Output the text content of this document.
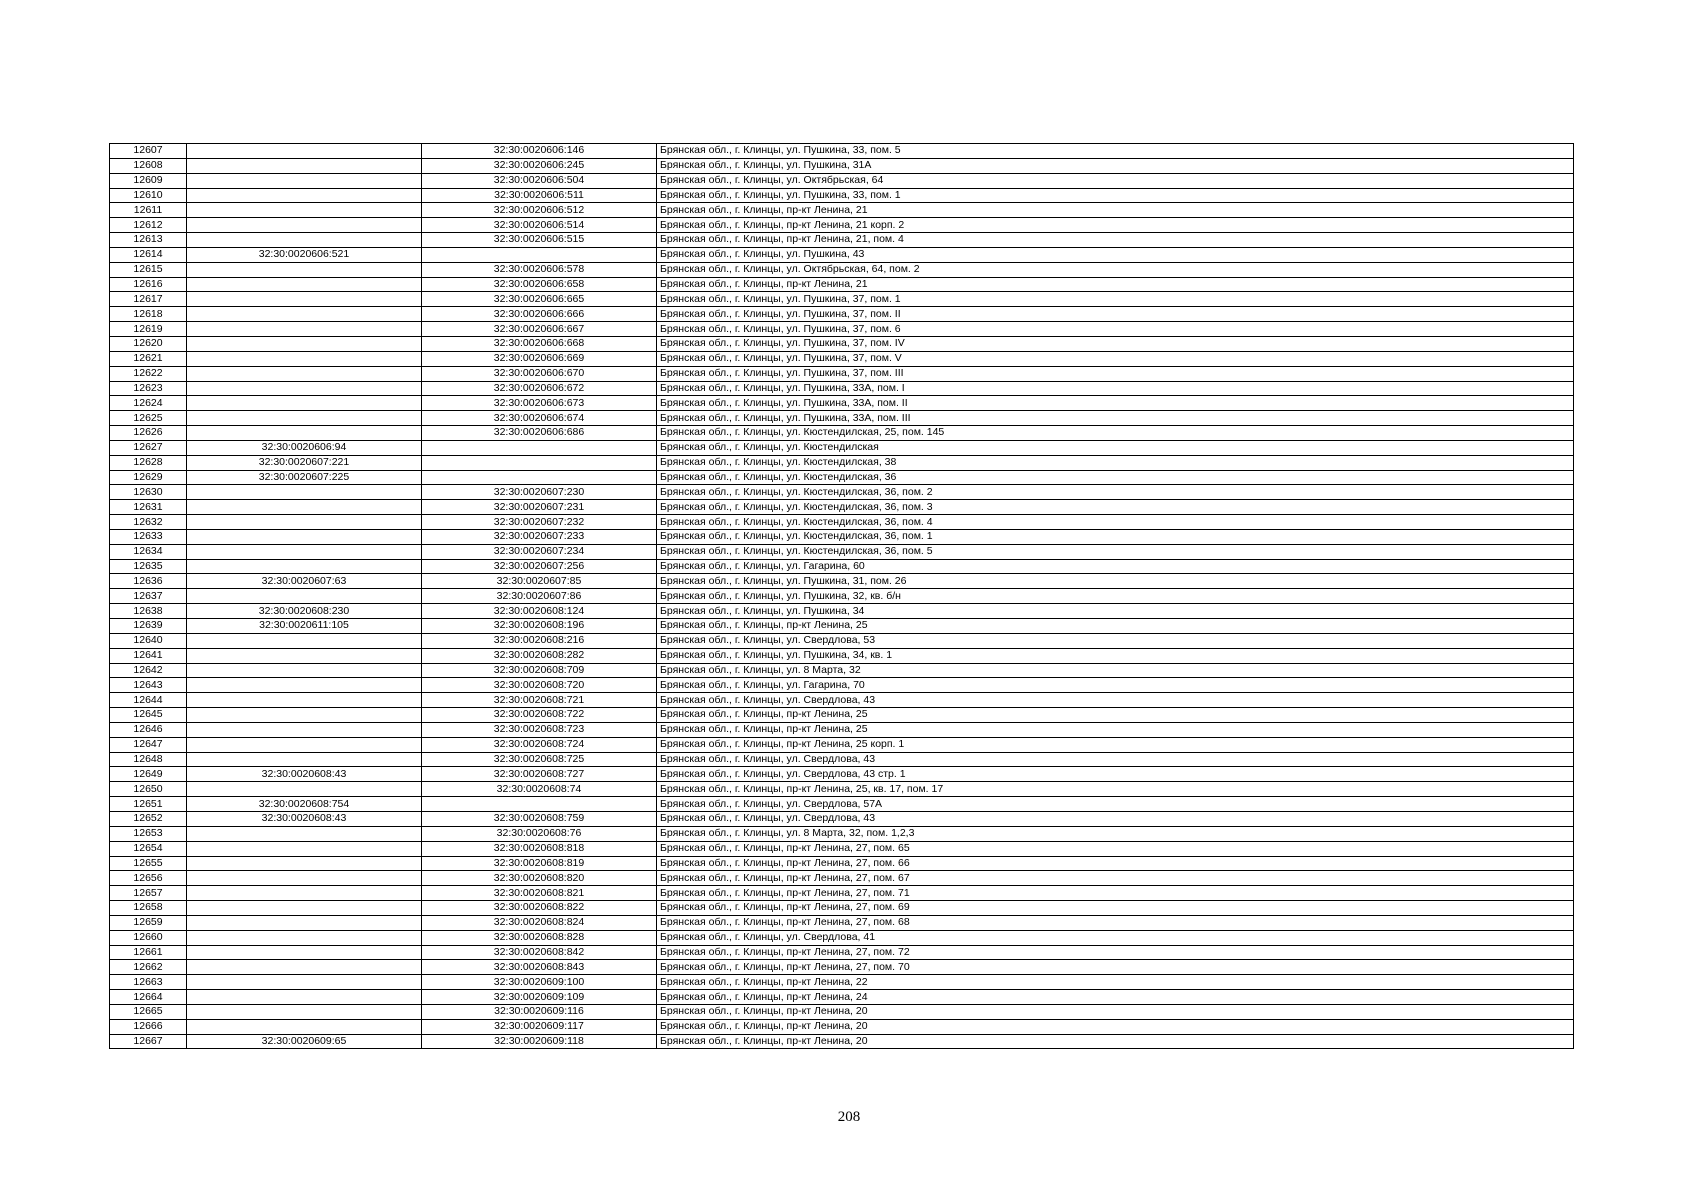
12607		32:30:0020606:146	Брянская обл., г. Клинцы, ул. Пушкина, 33, пом. 5
12608		32:30:0020606:245	Брянская обл., г. Клинцы, ул. Пушкина, 31А
12609		32:30:0020606:504	Брянская обл., г. Клинцы, ул. Октябрьская, 64
12610		32:30:0020606:511	Брянская обл., г. Клинцы, ул. Пушкина, 33, пом. 1
12611		32:30:0020606:512	Брянская обл., г. Клинцы, пр-кт Ленина, 21
12612		32:30:0020606:514	Брянская обл., г. Клинцы, пр-кт Ленина, 21 корп. 2
12613		32:30:0020606:515	Брянская обл., г. Клинцы, пр-кт Ленина, 21, пом. 4
12614	32:30:0020606:521		Брянская обл., г. Клинцы, ул. Пушкина, 43
12615		32:30:0020606:578	Брянская обл., г. Клинцы, ул. Октябрьская, 64, пом. 2
12616		32:30:0020606:658	Брянская обл., г. Клинцы, пр-кт Ленина, 21
12617		32:30:0020606:665	Брянская обл., г. Клинцы, ул. Пушкина, 37, пом. 1
12618		32:30:0020606:666	Брянская обл., г. Клинцы, ул. Пушкина, 37, пом. II
12619		32:30:0020606:667	Брянская обл., г. Клинцы, ул. Пушкина, 37, пом. 6
12620		32:30:0020606:668	Брянская обл., г. Клинцы, ул. Пушкина, 37, пом. IV
12621		32:30:0020606:669	Брянская обл., г. Клинцы, ул. Пушкина, 37, пом. V
12622		32:30:0020606:670	Брянская обл., г. Клинцы, ул. Пушкина, 37, пом. III
12623		32:30:0020606:672	Брянская обл., г. Клинцы, ул. Пушкина, 33А, пом. I
12624		32:30:0020606:673	Брянская обл., г. Клинцы, ул. Пушкина, 33А, пом. II
12625		32:30:0020606:674	Брянская обл., г. Клинцы, ул. Пушкина, 33А, пом. III
12626		32:30:0020606:686	Брянская обл., г. Клинцы, ул. Кюстендилская, 25, пом. 145
12627	32:30:0020606:94		Брянская обл., г. Клинцы, ул. Кюстендилская
12628	32:30:0020607:221		Брянская обл., г. Клинцы, ул. Кюстендилская, 38
12629	32:30:0020607:225		Брянская обл., г. Клинцы, ул. Кюстендилская, 36
12630		32:30:0020607:230	Брянская обл., г. Клинцы, ул. Кюстендилская, 36, пом. 2
12631		32:30:0020607:231	Брянская обл., г. Клинцы, ул. Кюстендилская, 36, пом. 3
12632		32:30:0020607:232	Брянская обл., г. Клинцы, ул. Кюстендилская, 36, пом. 4
12633		32:30:0020607:233	Брянская обл., г. Клинцы, ул. Кюстендилская, 36, пом. 1
12634		32:30:0020607:234	Брянская обл., г. Клинцы, ул. Кюстендилская, 36, пом. 5
12635		32:30:0020607:256	Брянская обл., г. Клинцы, ул. Гагарина, 60
12636	32:30:0020607:63	32:30:0020607:85	Брянская обл., г. Клинцы, ул. Пушкина, 31, пом. 26
12637		32:30:0020607:86	Брянская обл., г. Клинцы, ул. Пушкина, 32, кв. б/н
12638	32:30:0020608:230	32:30:0020608:124	Брянская обл., г. Клинцы, ул. Пушкина, 34
12639	32:30:0020611:105	32:30:0020608:196	Брянская обл., г. Клинцы, пр-кт Ленина, 25
12640		32:30:0020608:216	Брянская обл., г. Клинцы, ул. Свердлова, 53
12641		32:30:0020608:282	Брянская обл., г. Клинцы, ул. Пушкина, 34, кв. 1
12642		32:30:0020608:709	Брянская обл., г. Клинцы, ул. 8 Марта, 32
12643		32:30:0020608:720	Брянская обл., г. Клинцы, ул. Гагарина, 70
12644		32:30:0020608:721	Брянская обл., г. Клинцы, ул. Свердлова, 43
12645		32:30:0020608:722	Брянская обл., г. Клинцы, пр-кт Ленина, 25
12646		32:30:0020608:723	Брянская обл., г. Клинцы, пр-кт Ленина, 25
12647		32:30:0020608:724	Брянская обл., г. Клинцы, пр-кт Ленина, 25 корп. 1
12648		32:30:0020608:725	Брянская обл., г. Клинцы, ул. Свердлова, 43
12649	32:30:0020608:43	32:30:0020608:727	Брянская обл., г. Клинцы, ул. Свердлова, 43 стр. 1
12650		32:30:0020608:74	Брянская обл., г. Клинцы, пр-кт Ленина, 25, кв. 17, пом. 17
12651	32:30:0020608:754		Брянская обл., г. Клинцы, ул. Свердлова, 57А
12652	32:30:0020608:43	32:30:0020608:759	Брянская обл., г. Клинцы, ул. Свердлова, 43
12653		32:30:0020608:76	Брянская обл., г. Клинцы, ул. 8 Марта, 32, пом. 1,2,3
12654		32:30:0020608:818	Брянская обл., г. Клинцы, пр-кт Ленина, 27, пом. 65
12655		32:30:0020608:819	Брянская обл., г. Клинцы, пр-кт Ленина, 27, пом. 66
12656		32:30:0020608:820	Брянская обл., г. Клинцы, пр-кт Ленина, 27, пом. 67
12657		32:30:0020608:821	Брянская обл., г. Клинцы, пр-кт Ленина, 27, пом. 71
12658		32:30:0020608:822	Брянская обл., г. Клинцы, пр-кт Ленина, 27, пом. 69
12659		32:30:0020608:824	Брянская обл., г. Клинцы, пр-кт Ленина, 27, пом. 68
12660		32:30:0020608:828	Брянская обл., г. Клинцы, ул. Свердлова, 41
12661		32:30:0020608:842	Брянская обл., г. Клинцы, пр-кт Ленина, 27, пом. 72
12662		32:30:0020608:843	Брянская обл., г. Клинцы, пр-кт Ленина, 27, пом. 70
12663		32:30:0020609:100	Брянская обл., г. Клинцы, пр-кт Ленина, 22
12664		32:30:0020609:109	Брянская обл., г. Клинцы, пр-кт Ленина, 24
12665		32:30:0020609:116	Брянская обл., г. Клинцы, пр-кт Ленина, 20
12666		32:30:0020609:117	Брянская обл., г. Клинцы, пр-кт Ленина, 20
12667	32:30:0020609:65	32:30:0020609:118	Брянская обл., г. Клинцы, пр-кт Ленина, 20
208
